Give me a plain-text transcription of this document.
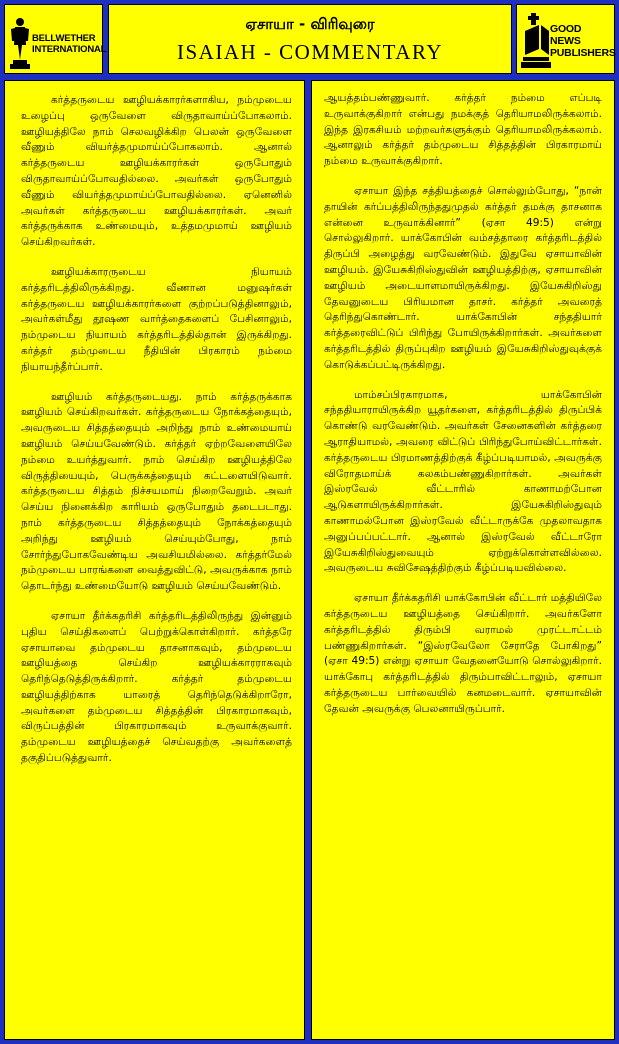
BELLWETHER
INTERNATIONAL
ஏசாயா - விரிவுரை
ISAIAH - COMMENTARY
GOOD NEWS
PUBLISHERS

கர்த்தருடைய ஊழியக்காரர்களாகிய, நம்முடைய உழைப்பு ஒருவேளை விருதாவாய்ப்போகலாம். ஊழியத்திலே நாம் செலவழிக்கிற பெலன் ஒருவேளை வீணும் வியர்த்தமுமாய்ப்போகலாம். ஆனால் கர்த்தருடைய ஊழியக்காரர்கள் ஒருபோதும் விருதாவாய்ப்போவதில்லை. அவர்கள் ஒருபோதும் வீணும் வியர்த்தமுமாய்ப்போவதில்லை. ஏனெனில் அவர்கள் கர்த்தருடைய ஊழியக்காரர்கள். அவர் கர்த்தருக்காக உண்மையும், உத்தமமுமாய் ஊழியம் செய்கிறவர்கள்.

ஊழியக்காரருடைய நியாயம் கர்த்தரிடத்திலிருக்கிறது. வீணான மனுஷர்கள் கர்த்தருடைய ஊழியக்காரர்களை குற்றப்படுத்தினாலும், அவர்கள்மீது தூஷண வார்த்தைகளைப் பேசினாலும், நம்முடைய நியாயம் கர்த்தரிடத்தில்தான் இருக்கிறது. கர்த்தர் தம்முடைய நீதியின் பிரகாரம் நம்மை நியாயந்தீர்ப்பார்.

ஊழியம் கர்த்தருடையது. நாம் கர்த்தருக்காக ஊழியம் செய்கிறவர்கள். கர்த்தருடைய நோக்கத்தையும், அவருடைய சித்தத்தையும் அறிந்து நாம் உண்மையாய் ஊழியம் செய்யவேண்டும். கர்த்தர் ஏற்றவேளையிலே நம்மை உயர்த்துவார். நாம் செய்கிற ஊழியத்திலே விருத்தியையும், பெருக்கத்தையும் கட்டளையிடுவார். கர்த்தருடைய சித்தம் நிச்சயமாய் நிறைவேறும். அவர் செய்ய நினைக்கிற காரியம் ஒருபோதும் தடைபடாது. நாம் கர்த்தருடைய சித்தத்தையும் நோக்கத்தையும் அறிந்து ஊழியம் செய்யும்போது, நாம் சோர்ந்துபோகவேண்டிய அவசியமில்லை. கர்த்தர்மேல் நம்முடைய பாரங்களை வைத்துவிட்டு, அவருக்காக நாம் தொடர்ந்து உண்மையோடு ஊழியம் செய்யவேண்டும்.

ஏசாயா தீர்க்கதரிசி கர்த்தரிடத்திலிருந்து இன்னும் புதிய செய்திகளைப் பெற்றுக்கொள்கிறார். கர்த்தரே ஏசாயாவை தம்முடைய தாசனாகவும், தம்முடைய ஊழியத்தை செய்கிற ஊழியக்காரராகவும் தெரிந்தெடுத்திருக்கிறார். கர்த்தர் தம்முடைய ஊழியத்திற்காக யாரைத் தெரிந்தெடுக்கிறாரோ, அவர்களை தம்முடைய சித்தத்தின் பிரகாரமாகவும், விருப்பத்தின் பிரகாரமாகவும் உருவாக்குவார். தம்முடைய ஊழியத்தைச் செய்வதற்கு அவர்களைத் தகுதிப்படுத்துவார்.

ஆயத்தம்பண்ணுவார். கர்த்தர் நம்மை எப்படி உருவாக்குகிறார் என்பது நமக்குத் தெரியாமலிருக்கலாம். இந்த இரகசியம் மற்றவர்களுக்கும் தெரியாமலிருக்கலாம். ஆனாலும் கர்த்தர் தம்முடைய சித்தத்தின் பிரகாரமாய் நம்மை உருவாக்குகிறார்.

ஏசாயா இந்த சத்தியத்தைச் சொல்லும்போது, “நான் தாயின் கர்ப்பத்திலிருந்ததுமுதல் கர்த்தர் தமக்கு தாசனாக என்னை உருவாக்கினார்” (ஏசா 49:5) என்று சொல்லுகிறார். யாக்கோபின் வம்சத்தாரை கர்த்தரிடத்தில் திருப்பி அழைத்து வரவேண்டும். இதுவே ஏசாயாவின் ஊழியம். இயேசுகிறிஸ்துவின் ஊழியத்திற்கு, ஏசாயாவின் ஊழியம் அடையாளமாயிருக்கிறது. இயேசுகிறிஸ்து தேவனுடைய பிரியமான தாசர். கர்த்தர் அவரைத் தெரிந்துகொண்டார். யாக்கோபின் சந்ததியார் கர்த்தரைவிட்டுப் பிரிந்து போயிருக்கிறார்கள். அவர்களை கர்த்தரிடத்தில் திருப்புகிற ஊழியம் இயேசுகிறிஸ்துவுக்குக் கொடுக்கப்பட்டிருக்கிறது.

மாம்சப்பிரகாரமாக, யாக்கோபின் சந்ததியாராயிருக்கிற யூதர்களை, கர்த்தரிடத்தில் திருப்பிக் கொண்டு வரவேண்டும். அவர்கள் சேனைகளின் கர்த்தரை ஆராதியாமல், அவரை விட்டுப் பிரிந்துபோய்விட்டார்கள். கர்த்தருடைய பிரமாணத்திற்குக் கீழ்ப்படியாமல், அவருக்கு விரோதமாய்க் கலகம்பண்ணுகிறார்கள். அவர்கள் இஸ்ரவேல் வீட்டாரில் காணாமற்போன ஆடுகளாயிருக்கிறார்கள். இயேசுகிறிஸ்துவும் காணாமல்போன இஸ்ரவேல் வீட்டாருக்கே முதலாவதாக அனுப்பப்பட்டார். ஆனால் இஸ்ரவேல் வீட்டாரோ இயேசுகிறிஸ்துவையும் ஏற்றுக்கொள்ளவில்லை. அவருடைய சுவிசேஷத்திற்கும் கீழ்ப்படியவில்லை.

ஏசாயா தீர்க்கதரிசி யாக்கோபின் வீட்டார் மத்தியிலே கர்த்தருடைய ஊழியத்தை செய்கிறார். அவர்களோ கர்த்தரிடத்தில் திரும்பி வராமல் முரட்டாட்டம் பண்ணுகிறார்கள். “இஸ்ரவேலோ சேராதே போகிறது” (ஏசா 49:5) என்று ஏசாயா வேதனையோடு சொல்லுகிறார். யாக்கோபு கர்த்தரிடத்தில் திரும்பாவிட்டாலும், ஏசாயா கர்த்தருடைய பார்வையில் கனமடைவார். ஏசாயாவின் தேவன் அவருக்கு பெலனாயிருப்பார்.
